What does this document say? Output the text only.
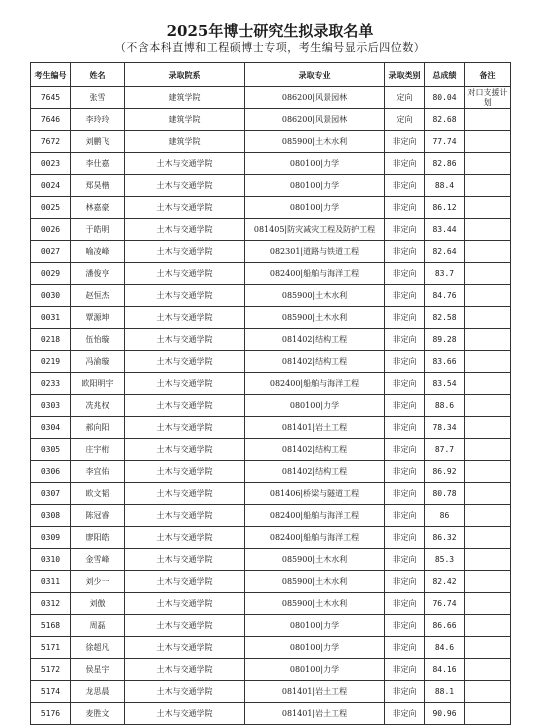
2025年博士研究生拟录取名单
（不含本科直博和工程硕博士专项，考生编号显示后四位数）
考生编号	姓名	录取院系	录取专业	录取类别	总成绩	备注
7645	张雪	建筑学院	086200|风景园林	定向	80.04	对口支援计划
7646	李玲玲	建筑学院	086200|风景园林	定向	82.68	
7672	刘鹏飞	建筑学院	085900|土木水利	非定向	77.74	
0023	李仕嘉	土木与交通学院	080100|力学	非定向	82.86	
0024	郑昊楷	土木与交通学院	080100|力学	非定向	88.4	
0025	林嘉豪	土木与交通学院	080100|力学	非定向	86.12	
0026	于皓明	土木与交通学院	081405|防灾减灾工程及防护工程	非定向	83.44	
0027	喻凌峰	土木与交通学院	082301|道路与铁道工程	非定向	82.64	
0029	潘俊亨	土木与交通学院	082400|船舶与海洋工程	非定向	83.7	
0030	赵恒杰	土木与交通学院	085900|土木水利	非定向	84.76	
0031	覃源坤	土木与交通学院	085900|土木水利	非定向	82.58	
0218	伍怡璇	土木与交通学院	081402|结构工程	非定向	89.28	
0219	冯渝璇	土木与交通学院	081402|结构工程	非定向	83.66	
0233	欧阳明宇	土木与交通学院	082400|船舶与海洋工程	非定向	83.54	
0303	冼兆权	土木与交通学院	080100|力学	非定向	88.6	
0304	郝向阳	土木与交通学院	081401|岩土工程	非定向	78.34	
0305	庄宇桁	土木与交通学院	081402|结构工程	非定向	87.7	
0306	李宜佑	土木与交通学院	081402|结构工程	非定向	86.92	
0307	欧文韬	土木与交通学院	081406|桥梁与隧道工程	非定向	80.78	
0308	陈冠睿	土木与交通学院	082400|船舶与海洋工程	非定向	86	
0309	廖阳皓	土木与交通学院	082400|船舶与海洋工程	非定向	86.32	
0310	金雪峰	土木与交通学院	085900|土木水利	非定向	85.3	
0311	刘少一	土木与交通学院	085900|土木水利	非定向	82.42	
0312	刘傲	土木与交通学院	085900|土木水利	非定向	76.74	
5168	周磊	土木与交通学院	080100|力学	非定向	86.66	
5171	徐超凡	土木与交通学院	080100|力学	非定向	84.6	
5172	侯星宇	土木与交通学院	080100|力学	非定向	84.16	
5174	龙思晨	土木与交通学院	081401|岩土工程	非定向	88.1	
5176	麦胜文	土木与交通学院	081401|岩土工程	非定向	90.96	
